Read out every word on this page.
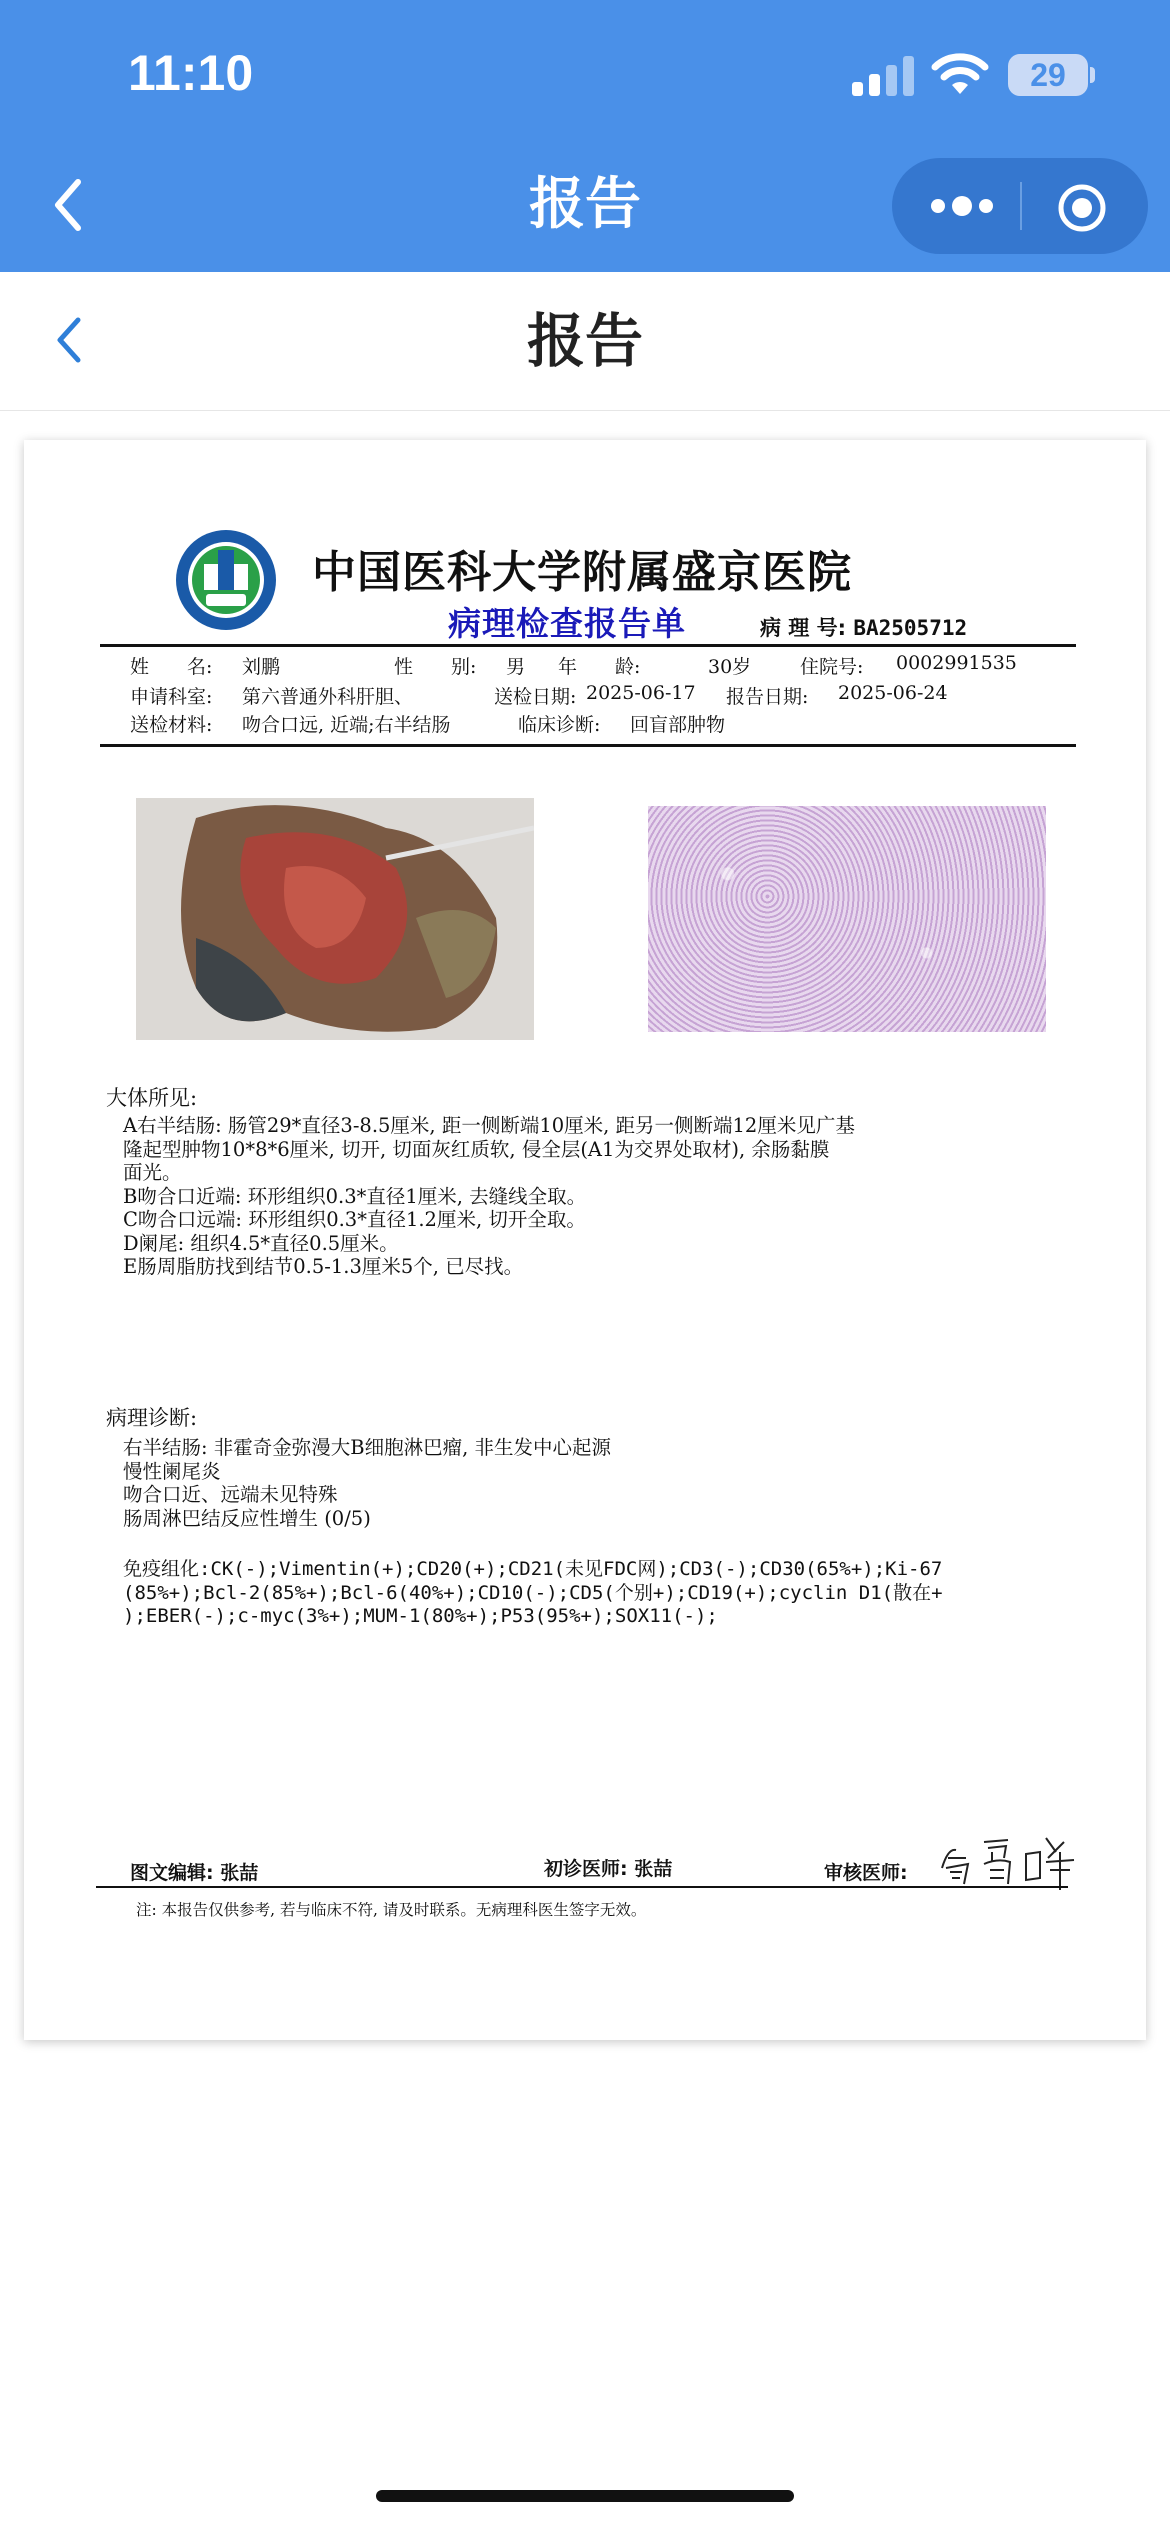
11:10	29
报告
报告
中国医科大学附属盛京医院
病理检查报告单	病 理 号: BA2505712
姓　　名: 刘鹏	性　　别: 男 年　　龄:	30岁	住院号: 0002991535
申请科室: 第六普通外科肝胆、	送检日期: 2025-06-17 报告日期: 2025-06-24
送检材料: 吻合口远, 近端;右半结肠	临床诊断: 回盲部肿物
大体所见:
A右半结肠: 肠管29*直径3-8.5厘米, 距一侧断端10厘米, 距另一侧断端12厘米见广基
隆起型肿物10*8*6厘米, 切开, 切面灰红质软, 侵全层(A1为交界处取材), 余肠黏膜
面光。
B吻合口近端: 环形组织0.3*直径1厘米, 去缝线全取。
C吻合口远端: 环形组织0.3*直径1.2厘米, 切开全取。
D阑尾: 组织4.5*直径0.5厘米。
E肠周脂肪找到结节0.5-1.3厘米5个, 已尽找。
病理诊断:
右半结肠: 非霍奇金弥漫大B细胞淋巴瘤, 非生发中心起源
慢性阑尾炎
吻合口近、远端未见特殊
肠周淋巴结反应性增生 (0/5)
免疫组化:CK(-);Vimentin(+);CD20(+);CD21(未见FDC网);CD3(-);CD30(65%+);Ki-67
(85%+);Bcl-2(85%+);Bcl-6(40%+);CD10(-);CD5(个别+);CD19(+);cyclin D1(散在+
);EBER(-);c-myc(3%+);MUM-1(80%+);P53(95%+);SOX11(-);
图文编辑: 张喆	初诊医师: 张喆	审核医师:
注: 本报告仅供参考, 若与临床不符, 请及时联系。无病理科医生签字无效。
